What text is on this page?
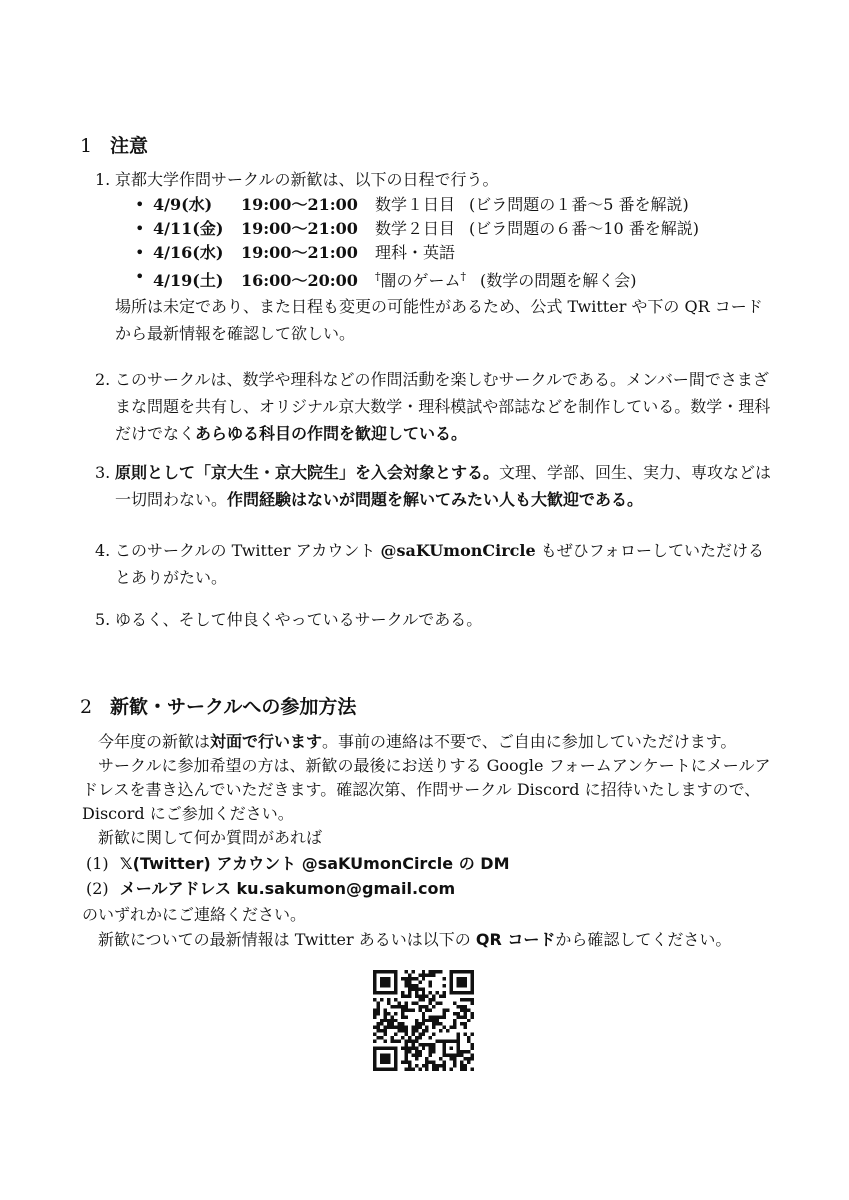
1 注意
1. 京都大学作問サークルの新歓は、以下の日程で行う。
• 4/9(水) 19:00〜21:00 数学１日目 (ビラ問題の１番〜5 番を解説)
• 4/11(金) 19:00〜21:00 数学２日目 (ビラ問題の６番〜10 番を解説)
• 4/16(水) 19:00〜21:00 理科・英語
• 4/19(土) 16:00〜20:00 †闇のゲーム† (数学の問題を解く会)
場所は未定であり、また日程も変更の可能性があるため、公式 Twitter や下の QR コードから最新情報を確認して欲しい。
2. このサークルは、数学や理科などの作問活動を楽しむサークルである。メンバー間でさまざまな問題を共有し、オリジナル京大数学・理科模試や部誌などを制作している。数学・理科だけでなくあらゆる科目の作問を歓迎している。
3. 原則として「京大生・京大院生」を入会対象とする。文理、学部、回生、実力、専攻などは一切問わない。作問経験はないが問題を解いてみたい人も大歓迎である。
4. このサークルの Twitter アカウント @saKUmonCircle もぜひフォローしていただけるとありがたい。
5. ゆるく、そして仲良くやっているサークルである。
2 新歓・サークルへの参加方法
今年度の新歓は対面で行います。事前の連絡は不要で、ご自由に参加していただけます。
サークルに参加希望の方は、新歓の最後にお送りする Google フォームアンケートにメールアドレスを書き込んでいただきます。確認次第、作問サークル Discord に招待いたしますので、Discord にご参加ください。
新歓に関して何か質問があれば
(1) 𝕏(Twitter) アカウント @saKUmonCircle の DM
(2) メールアドレス ku.sakumon@gmail.com
のいずれかにご連絡ください。
新歓についての最新情報は Twitter あるいは以下の QR コードから確認してください。
